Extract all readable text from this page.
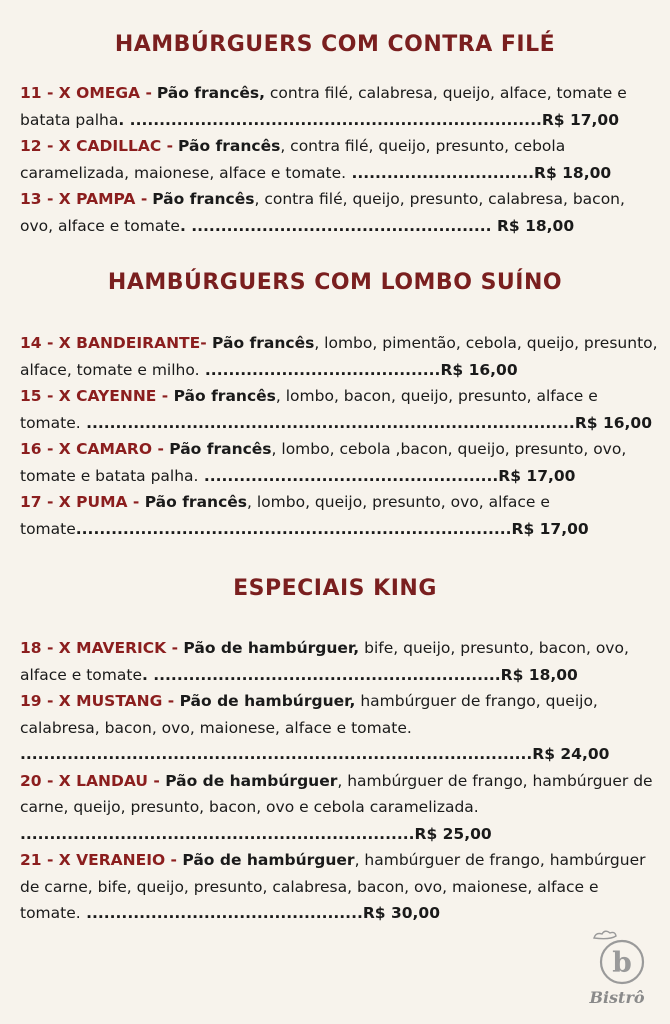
HAMBÚRGUERS COM CONTRA FILÉ

11 - X OMEGA - Pão francês, contra filé, calabresa, queijo, alface, tomate e batata palha. ......................................................................R$ 17,00

12 - X CADILLAC - Pão francês, contra filé, queijo, presunto, cebola caramelizada, maionese, alface e tomate. ...............................R$ 18,00

13 - X PAMPA - Pão francês, contra filé, queijo, presunto, calabresa, bacon, ovo, alface e tomate. ................................................... R$ 18,00

HAMBÚRGUERS COM LOMBO SUÍNO

14 - X BANDEIRANTE- Pão francês, lombo, pimentão, cebola, queijo, presunto, alface, tomate e milho. ........................................R$ 16,00

15 - X CAYENNE - Pão francês, lombo, bacon, queijo, presunto, alface e tomate. ...................................................................................R$ 16,00

16 - X CAMARO - Pão francês, lombo, cebola ,bacon, queijo, presunto, ovo, tomate e batata palha. ..................................................R$ 17,00

17 - X PUMA - Pão francês, lombo, queijo, presunto, ovo, alface e tomate..........................................................................R$ 17,00

ESPECIAIS KING

18 - X MAVERICK - Pão de hambúrguer, bife, queijo, presunto, bacon, ovo, alface e tomate. ...........................................................R$ 18,00

19 - X MUSTANG - Pão de hambúrguer, hambúrguer de frango, queijo, calabresa, bacon, ovo, maionese, alface e tomate. .......................................................................................R$ 24,00

20 - X LANDAU - Pão de hambúrguer, hambúrguer de frango, hambúrguer de carne, queijo, presunto, bacon, ovo e cebola caramelizada. ...................................................................R$ 25,00

21 - X VERANEIO - Pão de hambúrguer, hambúrguer de frango, hambúrguer de carne, bife, queijo, presunto, calabresa, bacon, ovo, maionese, alface e tomate. ...............................................R$ 30,00

b
Bistrô
